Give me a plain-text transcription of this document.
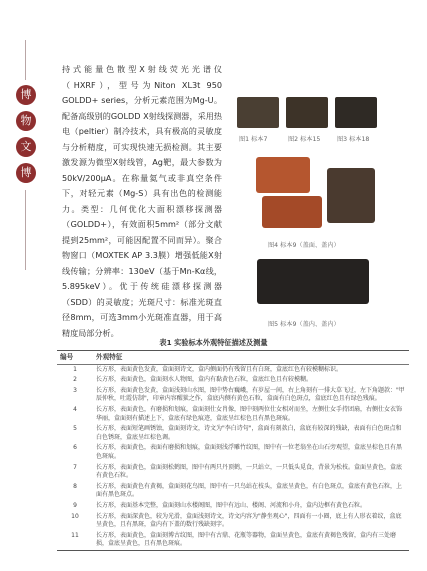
博
物
文
博

持式能量色散型X射线荧光光谱仪（HXRF），型号为Niton XL3t 950 GOLDD+ series，分析元素范围为Mg-U。配备高级别的GOLDD X射线探测器，采用热电（peltier）制冷技术，具有极高的灵敏度与分析精度，可实现快速无损检测。其主要激发源为微型X射线管，Ag靶，最大参数为50kV/200μA。在称量氦气或非真空条件下，对轻元素（Mg-S）具有出色的检测能力。类型：几何优化大面积漂移探测器（GOLDD+），有效面积5mm²（部分文献提到25mm²，可能因配置不同而异）。聚合物窗口（MOXTEK AP 3.3膜）增强低能X射线传输；分辨率：130eV（基于Mn-Kα线，5.895keV）。优于传统硅漂移探测器（SDD）的灵敏度；光斑尺寸：标准光斑直径8mm，可选3mm小光斑准直器，用于高精度局部分析。

图1 标本7	图2 标本15	图3 标本18
图4 标本9（盖面、盖内）
图5 标本9（盖内、盖内）
表1 实验标本外观特征描述及测量
编号	外观特征
1	长方形，表面黄色发黄，盒面刻诗文，盒内侧面仍有残留且有白斑，盒底红色有较模糊标识。
2	长方形，表面黄色，盒面刻水人物图，盒内有黏黄色石粒，盒底红色且有较模糊。
3	长方形，表面黄色发黄，盒面浅刻山水图，图中势右巍峨，有岁屋一间，右上角刻有一排大草飞过，左下角题款："甲辰仲秋，吐霞仿制"，印章内容醒狱之作，盒底内侧有黄色石粒，盒面有白色斑点，盒底红色且有绿色残痕。
4	长方形，表面黄色，有磨损和划痕，盒面刻仕女肖像，图中刻两位仕女相对而坐，左侧仕女手持团扇，右侧仕女衣饰华丽，盒面刻有描述上下，盒底有绿色痕迹，盒底呈红棕色且有黑色斑痕。
5	长方形，表面短笔画锈蚀，盒面刻诗文，诗文为"李白诗句"，盒面有刻款白，盒底有较深的残缺，表面有白色斑点和白色锈斑，盒底呈红棕色调。
6	长方形，表面黄色，表面有磨损和划痕，盒面刻浅浮雕竹纹图，图中有一位老翁坐在山石旁观望，盒底呈棕色且有黑色斑痕。
7	长方形，表面黄色，盒面刻松鹤图，图中有两只丹顶鹤，一只站立，一只低头觅食，背景为松枝。盒面呈黄色，盒底有黄色石粒。
8	长方形，表面黄色有黄褐，盒面刻花鸟图，图中有一只鸟站在枝头，盒底呈黄色，有白色斑点，盒底有黄色石粒，上面有黑色斑点。
9	长方形，表面基本完整，盒面刻山水楼阁图，图中有远山、楼阁、河流和小舟，盒内边框有黄色石粒。
10	长方形，表面深黄色，较为光滑，盒面浅刻诗文，诗文内容为"静坐观心"，四面有一小圈，底上有人形衣着纹，盒底呈黄色，且有黑斑，盒内有下盖的数行残缺刻字。
11	长方形，表面黄色，盒面刻博古纹图，图中有古鼎、花瓶等器物，盒面呈黄色，盒底有黄褐色残留，盒内有三处磨损，盒底呈黄色，且有黑色斑痕。
